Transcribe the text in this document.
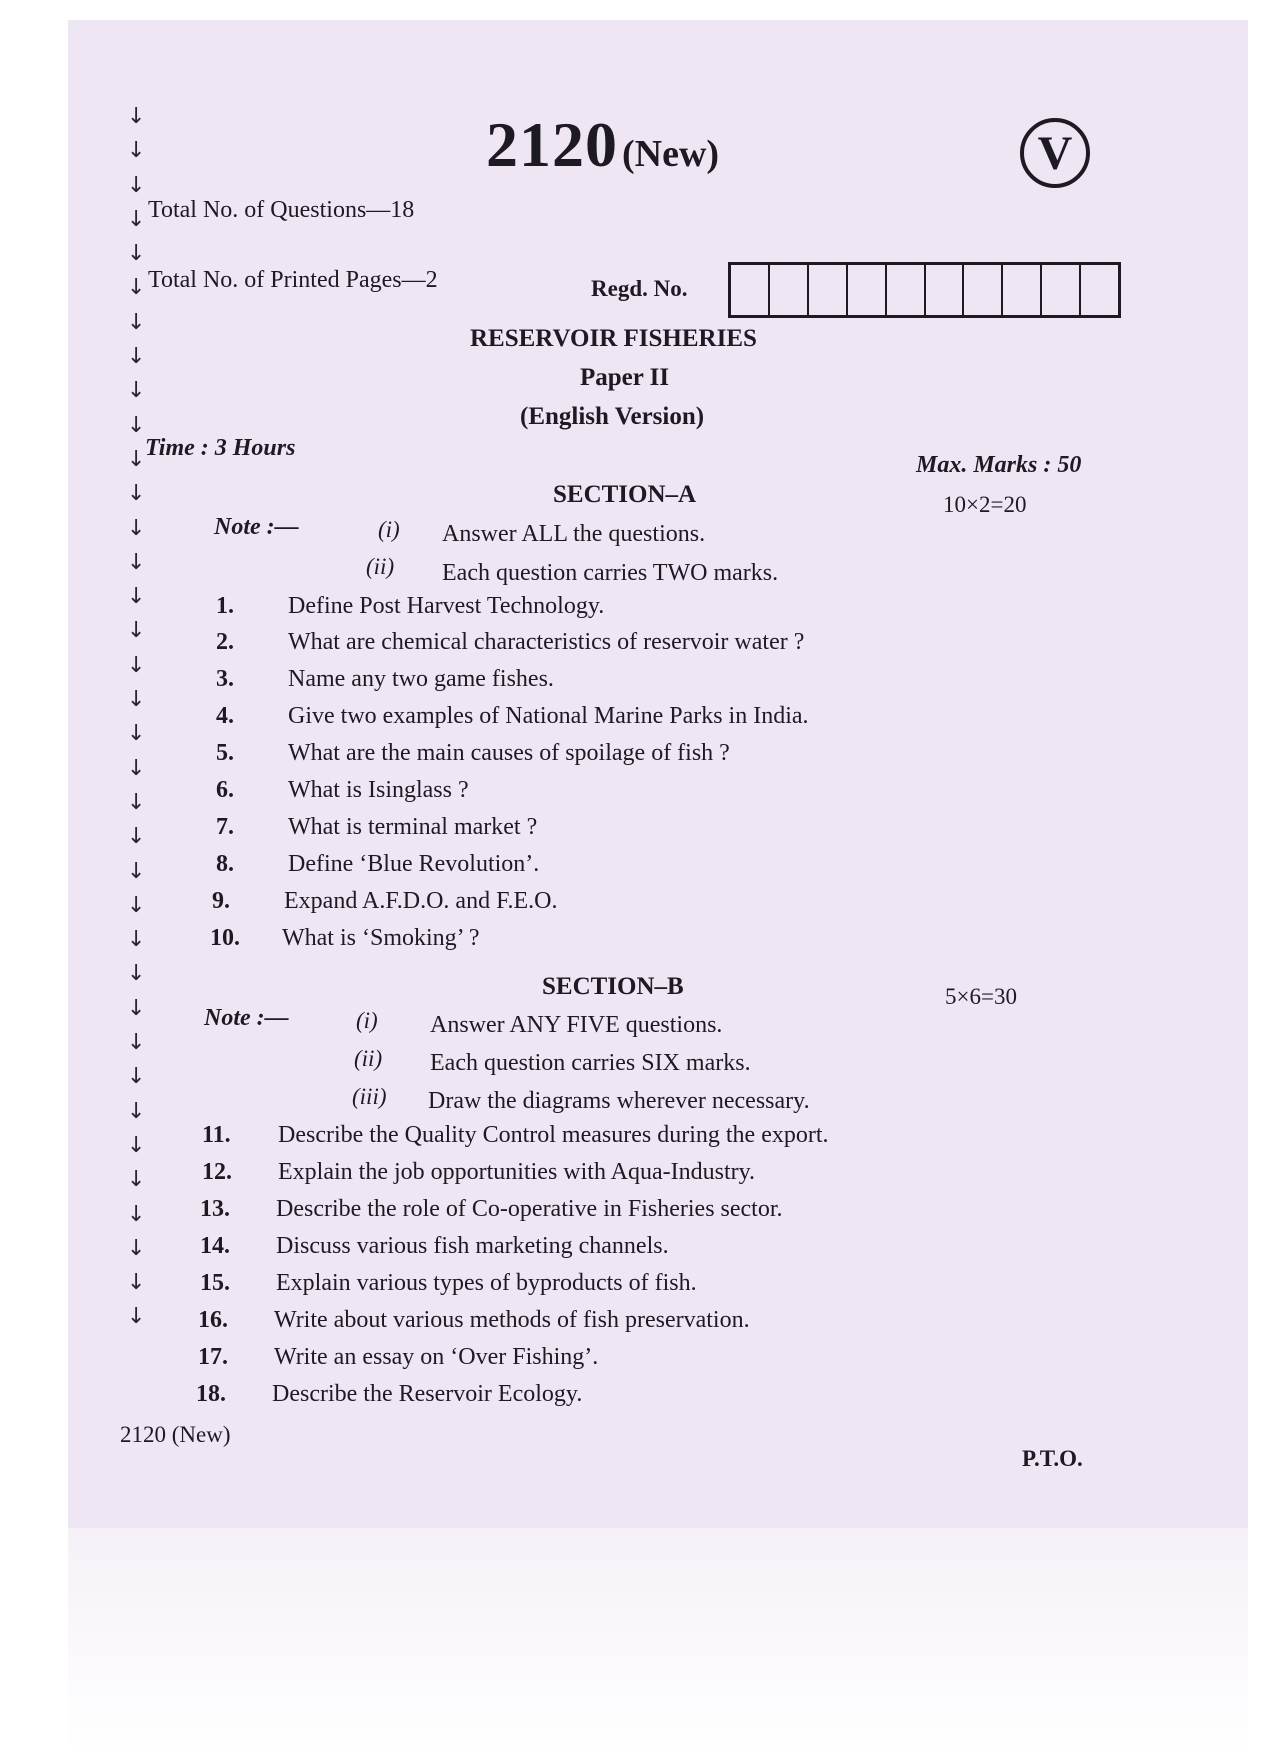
↓
↓
↓
↓
↓
↓
↓
↓
↓
↓
↓
↓
↓
↓
↓
↓
↓
↓
↓
↓
↓
↓
↓
↓
↓
↓
↓
↓
↓
↓
↓
↓
↓
↓
↓
↓
2120 (New)	V
Total No. of Questions—18
Total No. of Printed Pages—2	Regd. No.
RESERVOIR FISHERIES
Paper II
(English Version)
Time : 3 Hours
Max. Marks : 50
SECTION–A	10×2=20
Note :—	(i) Answer ALL the questions.
(ii) Each question carries TWO marks.
1. Define Post Harvest Technology.
2. What are chemical characteristics of reservoir water ?
3. Name any two game fishes.
4. Give two examples of National Marine Parks in India.
5. What are the main causes of spoilage of fish ?
6. What is Isinglass ?
7. What is terminal market ?
8. Define ‘Blue Revolution’.
9. Expand A.F.D.O. and F.E.O.
10. What is ‘Smoking’ ?
SECTION–B	5×6=30
Note :—	(i) Answer ANY FIVE questions.
(ii) Each question carries SIX marks.
(iii) Draw the diagrams wherever necessary.
11. Describe the Quality Control measures during the export.
12. Explain the job opportunities with Aqua-Industry.
13. Describe the role of Co-operative in Fisheries sector.
14. Discuss various fish marketing channels.
15. Explain various types of byproducts of fish.
16. Write about various methods of fish preservation.
17. Write an essay on ‘Over Fishing’.
18. Describe the Reservoir Ecology.
2120 (New)
P.T.O.
